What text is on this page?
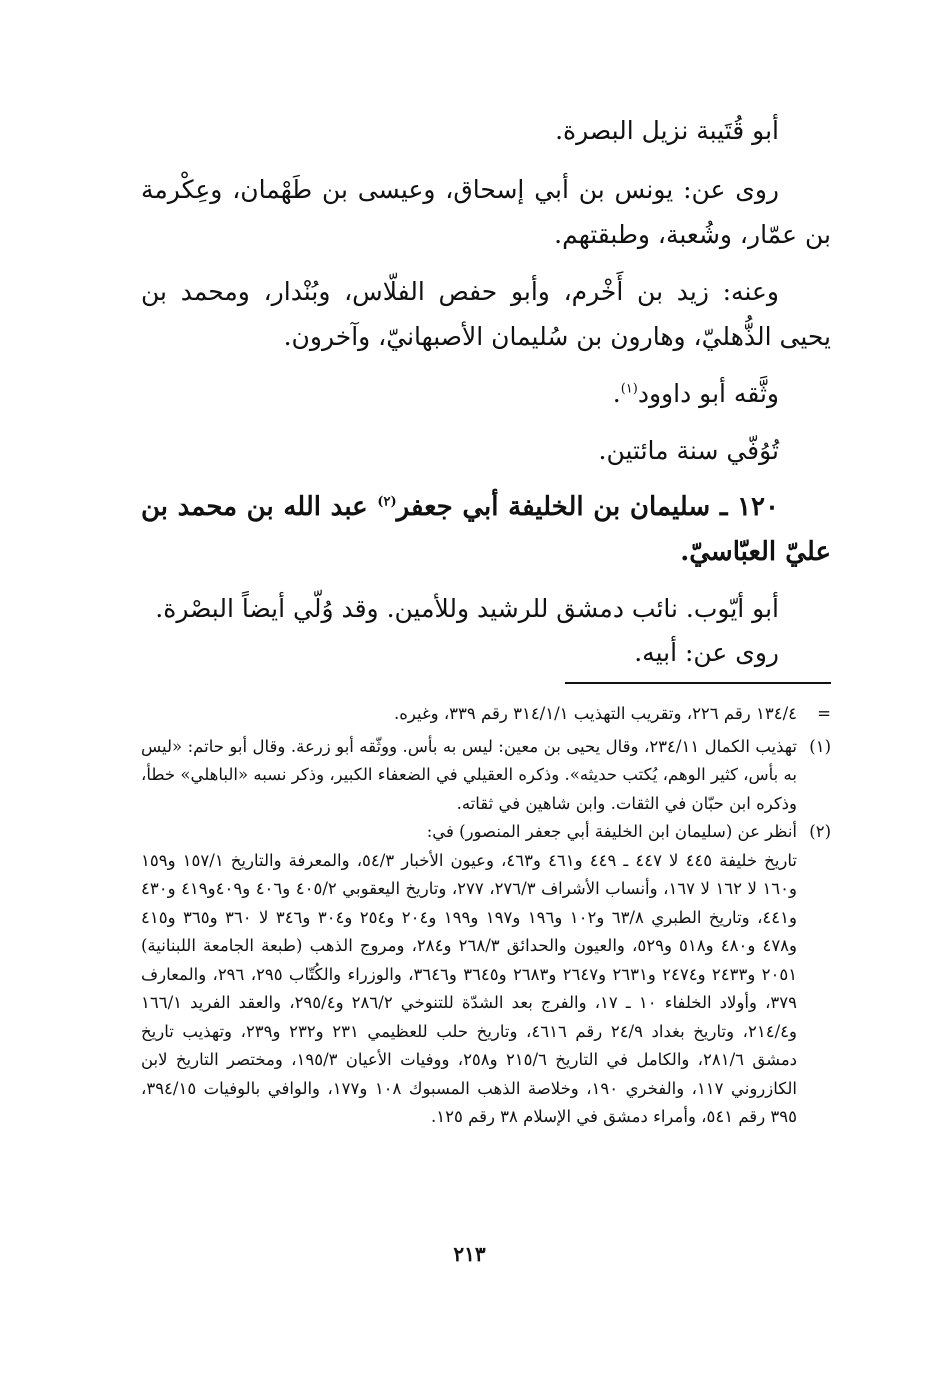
أبو قُتَيبة نزيل البصرة.

روى عن: يونس بن أبي إسحاق، وعيسى بن طَهْمان، وعِكْرمة بن عمّار، وشُعبة، وطبقتهم.

وعنه: زيد بن أَخْرم، وأبو حفص الفلّاس، وبُنْدار، ومحمد بن يحيى الذُّهليّ، وهارون بن سُليمان الأصبهانيّ، وآخرون.

وثَّقه أبو داوود$^{(١)}$.

تُوُفّي سنة مائتين.

١٢٠ ـ سليمان بن الخليفة أبي جعفر$^{(٢)}$ عبد الله بن محمد بن عليّ العبّاسيّ.

أبو أيّوب. نائب دمشق للرشيد وللأمين. وقد وُلّي أيضاً البصْرة.

روى عن: أبيه.

=
١٣٤/٤ رقم ٢٢٦، وتقريب التهذيب ٣١٤/١/١ رقم ٣٣٩، وغيره.
(١)
تهذيب الكمال ٢٣٤/١١، وقال يحيى بن معين: ليس به بأس. ووثّقه أبو زرعة. وقال أبو حاتم: «ليس به بأس، كثير الوهم، يُكتب حديثه». وذكره العقيلي في الضعفاء الكبير، وذكر نسبه «الباهلي» خطأ، وذكره ابن حبّان في الثقات. وابن شاهين في ثقاته.
(٢)
أنظر عن (سليمان ابن الخليفة أبي جعفر المنصور) في:
تاريخ خليفة ٤٤٥ لا ٤٤٧ ـ ٤٤٩ و٤٦١ و٤٦٣، وعيون الأخبار ٥٤/٣، والمعرفة والتاريخ ١٥٧/١ و١٥٩ و١٦٠ لا ١٦٢ لا ١٦٧، وأنساب الأشراف ٢٧٦/٣، ٢٧٧، وتاريخ اليعقوبي ٤٠٥/٢ و٤٠٦ و٤٠٩و٤١٩ و٤٣٠ و٤٤١، وتاريخ الطبري ٦٣/٨ و١٠٢ و١٩٦ و١٩٧ و١٩٩ و٢٠٤ و٢٥٤ و٣٠٤ و٣٤٦ لا ٣٦٠ و٣٦٥ و٤١٥ و٤٧٨ و٤٨٠ و٥١٨ و٥٢٩، والعيون والحدائق ٢٦٨/٣ و٢٨٤، ومروج الذهب (طبعة الجامعة اللبنانية) ٢٠٥١ و٢٤٣٣ و٢٤٧٤ و٢٦٣١ و٢٦٤٧ و٢٦٨٣ و٣٦٤٥ و٣٦٤٦، والوزراء والكُتّاب ٢٩٥، ٢٩٦، والمعارف ٣٧٩، وأولاد الخلفاء ١٠ ـ ١٧، والفرج بعد الشدّة للتنوخي ٢٨٦/٢ و٢٩٥/٤، والعقد الفريد ١٦٦/١ و٢١٤/٤، وتاريخ بغداد ٢٤/٩ رقم ٤٦١٦، وتاريخ حلب للعظيمي ٢٣١ و٢٣٢ و٢٣٩، وتهذيب تاريخ دمشق ٢٨١/٦، والكامل في التاريخ ٢١٥/٦ و٢٥٨، ووفيات الأعيان ١٩٥/٣، ومختصر التاريخ لابن الكازروني ١١٧، والفخري ١٩٠، وخلاصة الذهب المسبوك ١٠٨ و١٧٧، والوافي بالوفيات ٣٩٤/١٥، ٣٩٥ رقم ٥٤١، وأمراء دمشق في الإسلام ٣٨ رقم ١٢٥.
٢١٣
